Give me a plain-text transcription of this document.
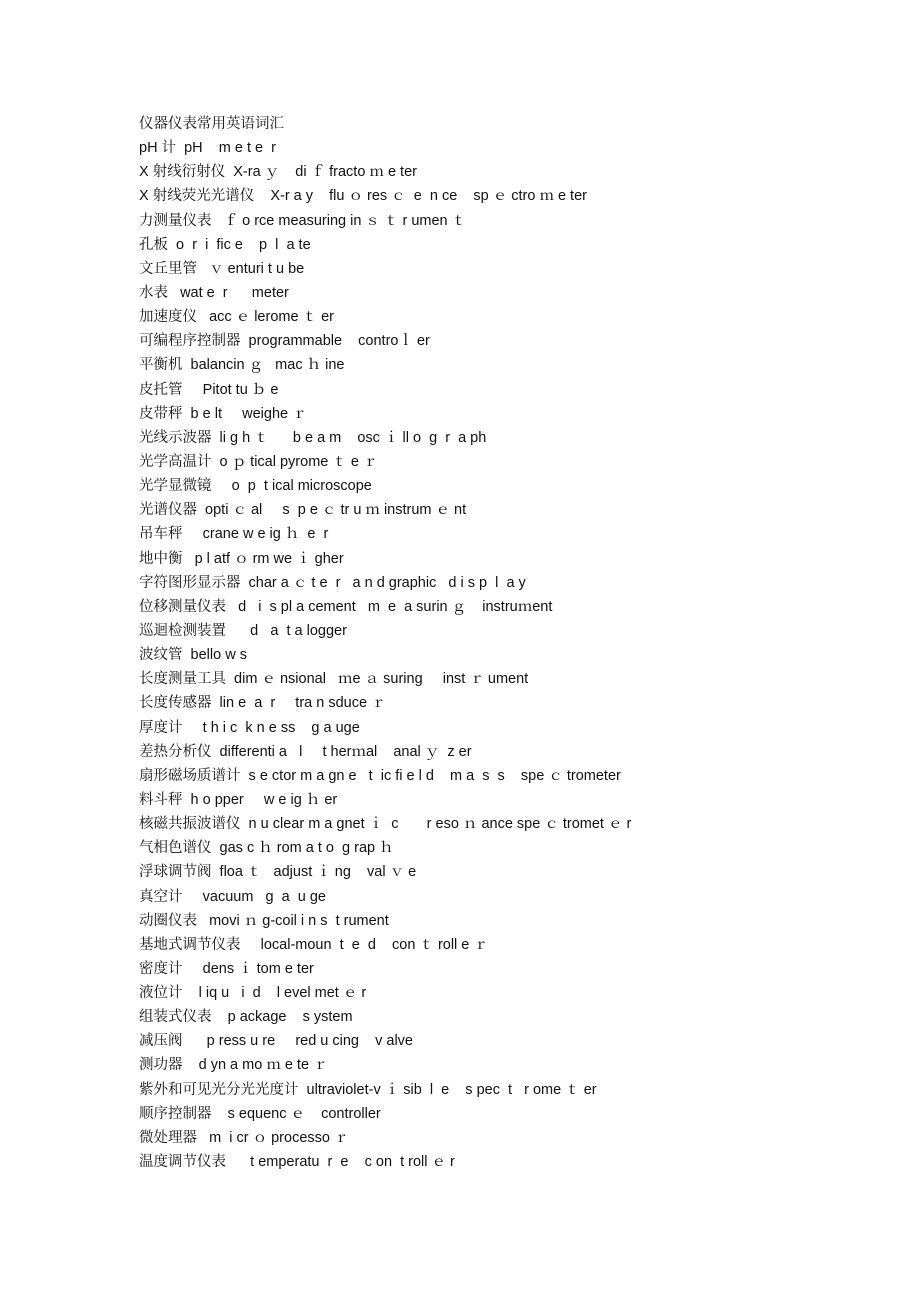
仪器仪表常用英语词汇
pH 计  pH    m e t e  r
X 射线衍射仪  X-ra ｙ    di ｆ fracto ｍ e ter
X 射线荧光光谱仪    X-r a y    flu ｏ res ｃ  e  n ce    sp ｅ ctro ｍ e ter
力测量仪表   ｆ o rce measuring in ｓ ｔ r umen ｔ
孔板  o  r  i  fic e    p  l  a te
文丘里管   ｖ enturi t u be
水表   wat e  r      meter
加速度仪   acc ｅ lerome ｔ er
可编程序控制器  programmable    controｌ er
平衡机  balancin ｇ   mac ｈ ine
皮托管     Pitot tu ｂ e
皮带秤  b e lt     weighe ｒ
光线示波器  li g h ｔ      b e a m    osc ｉ ll o  g  r  a ph
光学高温计  o ｐ tical pyrome ｔ e ｒ
光学显微镜     o  p  t ical microscope
光谱仪器  opti ｃ al     s  p e ｃ tr u ｍ instrum ｅ nt
吊车秤     crane w e ig ｈ  e  r
地中衡   p l atf ｏ rm we ｉ gher
字符图形显示器  char a ｃ t e  r   a n d graphic   d i s p  l  a y
位移测量仪表   d   i  s pl a cement   m  e  a surin ｇ    instruｍent
巡迴检测装置      d   a  t a logger
波纹管  bello w s
长度测量工具  dim ｅ nsional   ｍe ａ suring     inst ｒ ument
长度传感器  lin e  a  r     tra n sduce ｒ
厚度计     t h i c  k n e ss    g a uge
差热分析仪  differenti a   l     t herｍal    anal ｙ  z er
扇形磁场质谱计  s e ctor m a gn e   t  ic fi e l d    m a  s  s    spe ｃ trometer
料斗秤  h o pper     w e ig ｈ er
核磁共振波谱仪  n u clear m a gnet ｉ  c       r eso ｎ ance spe ｃ tromet ｅ r
气相色谱仪  gas c ｈ rom a t o  g rap ｈ
浮球调节阀  floa ｔ   adjust ｉ ng    val ｖ e
真空计     vacuum   g  a  u ge
动圈仪表   movi ｎ g-coil i n s  t rument
基地式调节仪表     local-moun  t  e  d    con ｔ roll e ｒ
密度计     dens ｉ tom e ter
液位计    l iq u   i  d    l evel met ｅ r
组装式仪表    p ackage    s ystem
减压阀      p ress u re     red u cing    v alve
测功器    d yn a mo ｍ e te ｒ
紫外和可见光分光光度计  ultraviolet-v ｉ sib  l  e    s pec  t   r ome ｔ er
顺序控制器    s equenc ｅ    controller
微处理器   m  i cr ｏ processo ｒ
温度调节仪表      t emperatu  r  e    c on  t roll ｅ r
